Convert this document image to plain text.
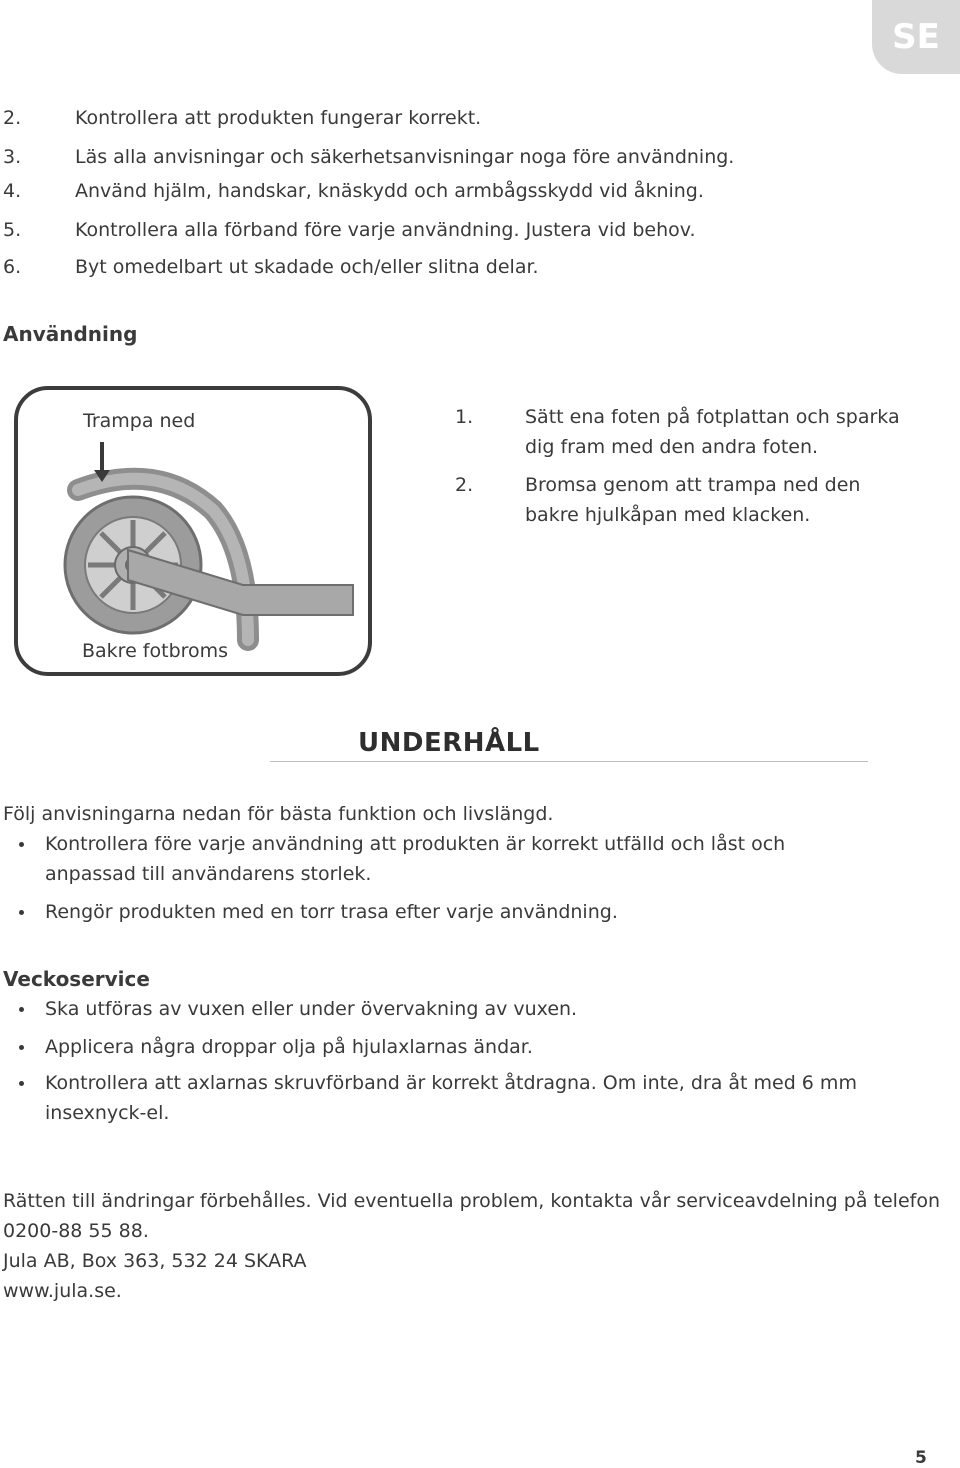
SE
2.	Kontrollera att produkten fungerar korrekt.
3.	Läs alla anvisningar och säkerhetsanvisningar noga före användning.
4.	Använd hjälm, handskar, knäskydd och armbågsskydd vid åkning.
5.	Kontrollera alla förband före varje användning. Justera vid behov.
6.	Byt omedelbart ut skadade och/eller slitna delar.
Användning
Trampa ned
Bakre fotbroms
1.	Sätt ena foten på fotplattan och sparka
dig fram med den andra foten.
2.	Bromsa genom att trampa ned den
bakre hjulkåpan med klacken.
UNDERHÅLL
Följ anvisningarna nedan för bästa funktion och livslängd.
Kontrollera före varje användning att produkten är korrekt utfälld och låst och anpassad till användarens storlek.
Rengör produkten med en torr trasa efter varje användning.
Veckoservice
Ska utföras av vuxen eller under övervakning av vuxen.
Applicera några droppar olja på hjulaxlarnas ändar.
Kontrollera att axlarnas skruvförband är korrekt åtdragna. Om inte, dra åt med 6 mm insexnyck-el.
Rätten till ändringar förbehålles. Vid eventuella problem, kontakta vår serviceavdelning på telefon
0200-88 55 88.
Jula AB, Box 363, 532 24 SKARA
www.jula.se.
5
